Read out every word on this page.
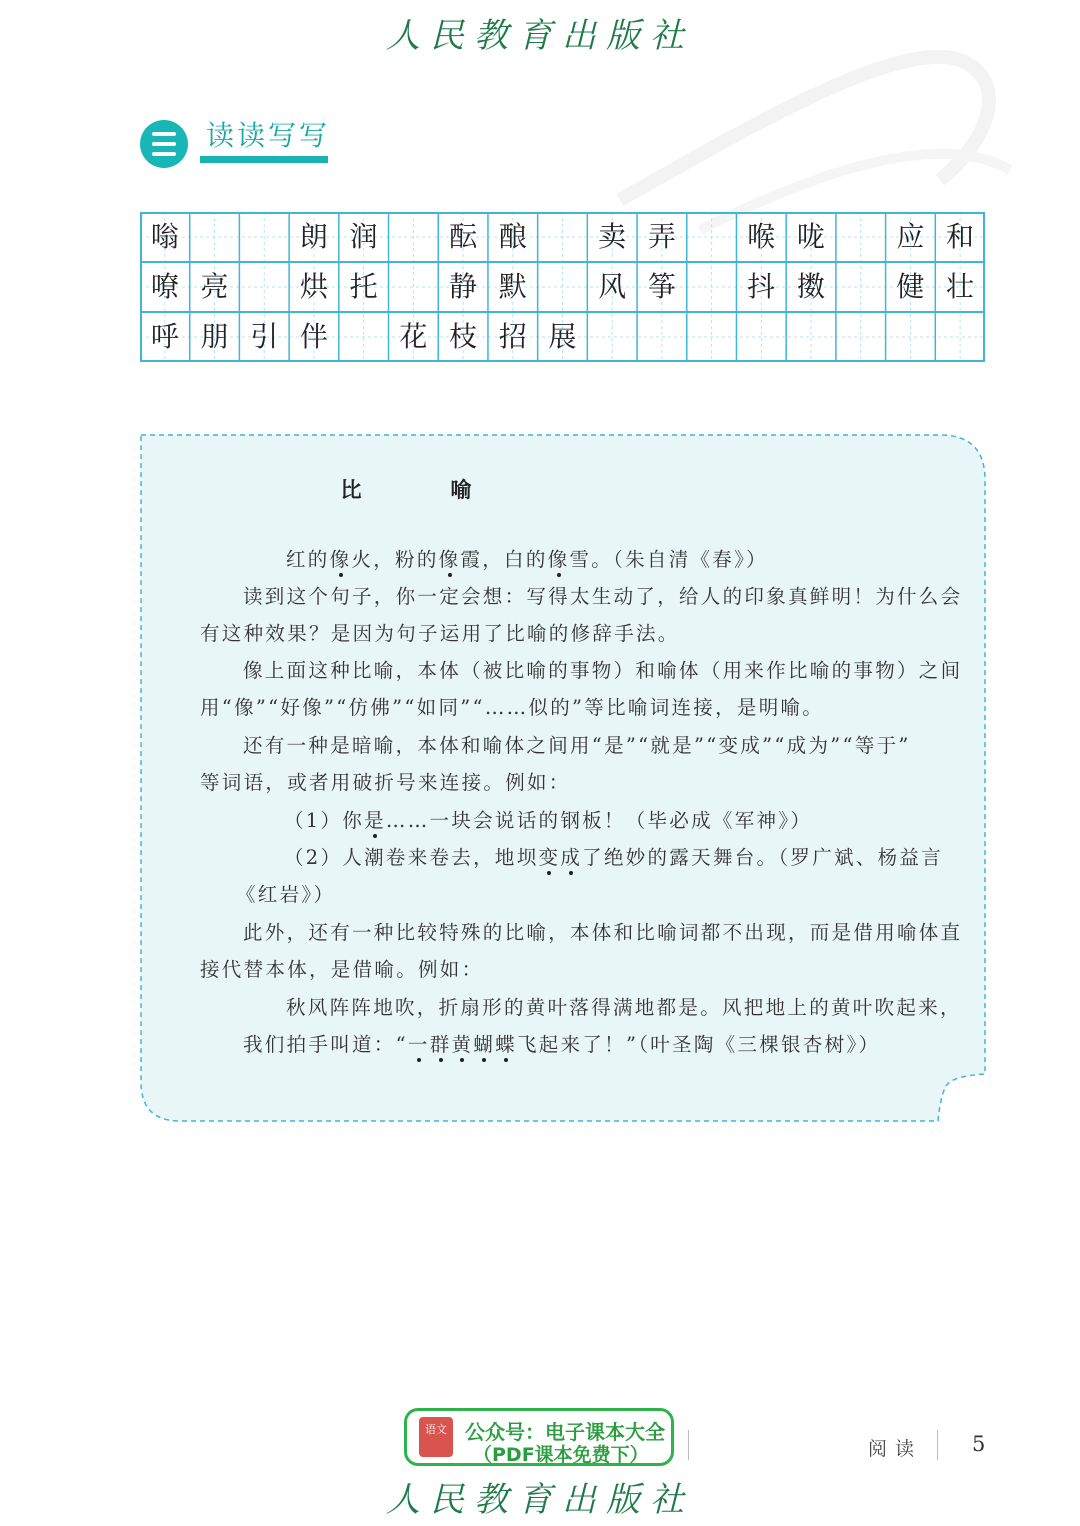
人民教育出版社
读读写写
嗡	朗 润	酝 酿	卖 弄	喉 咙	应 和
嘹 亮	烘 托	静 默	风 筝	抖 擞	健 壮
呼 朋 引 伴	花 枝 招 展
比　喻
红的像火，粉的像霞，白的像雪。（朱自清《春》）
读到这个句子，你一定会想：写得太生动了，给人的印象真鲜明！为什么会
有这种效果？是因为句子运用了比喻的修辞手法。
像上面这种比喻，本体（被比喻的事物）和喻体（用来作比喻的事物）之间
用“像”“好像”“仿佛”“如同”“……似的”等比喻词连接，是明喻。
还有一种是暗喻，本体和喻体之间用“是”“就是”“变成”“成为”“等于”
等词语，或者用破折号来连接。例如：
（1）你是……一块会说话的钢板！（毕必成《军神》）
（2）人潮卷来卷去，地坝变成了绝妙的露天舞台。（罗广斌、杨益言
《红岩》）
此外，还有一种比较特殊的比喻，本体和比喻词都不出现，而是借用喻体直
接代替本体，是借喻。例如：
秋风阵阵地吹，折扇形的黄叶落得满地都是。风把地上的黄叶吹起来，
我们拍手叫道：“一群黄蝴蝶飞起来了！”（叶圣陶《三棵银杏树》）
语文 公众号：电子课本大全
（PDF课本免费下）	阅读 5
人民教育出版社
